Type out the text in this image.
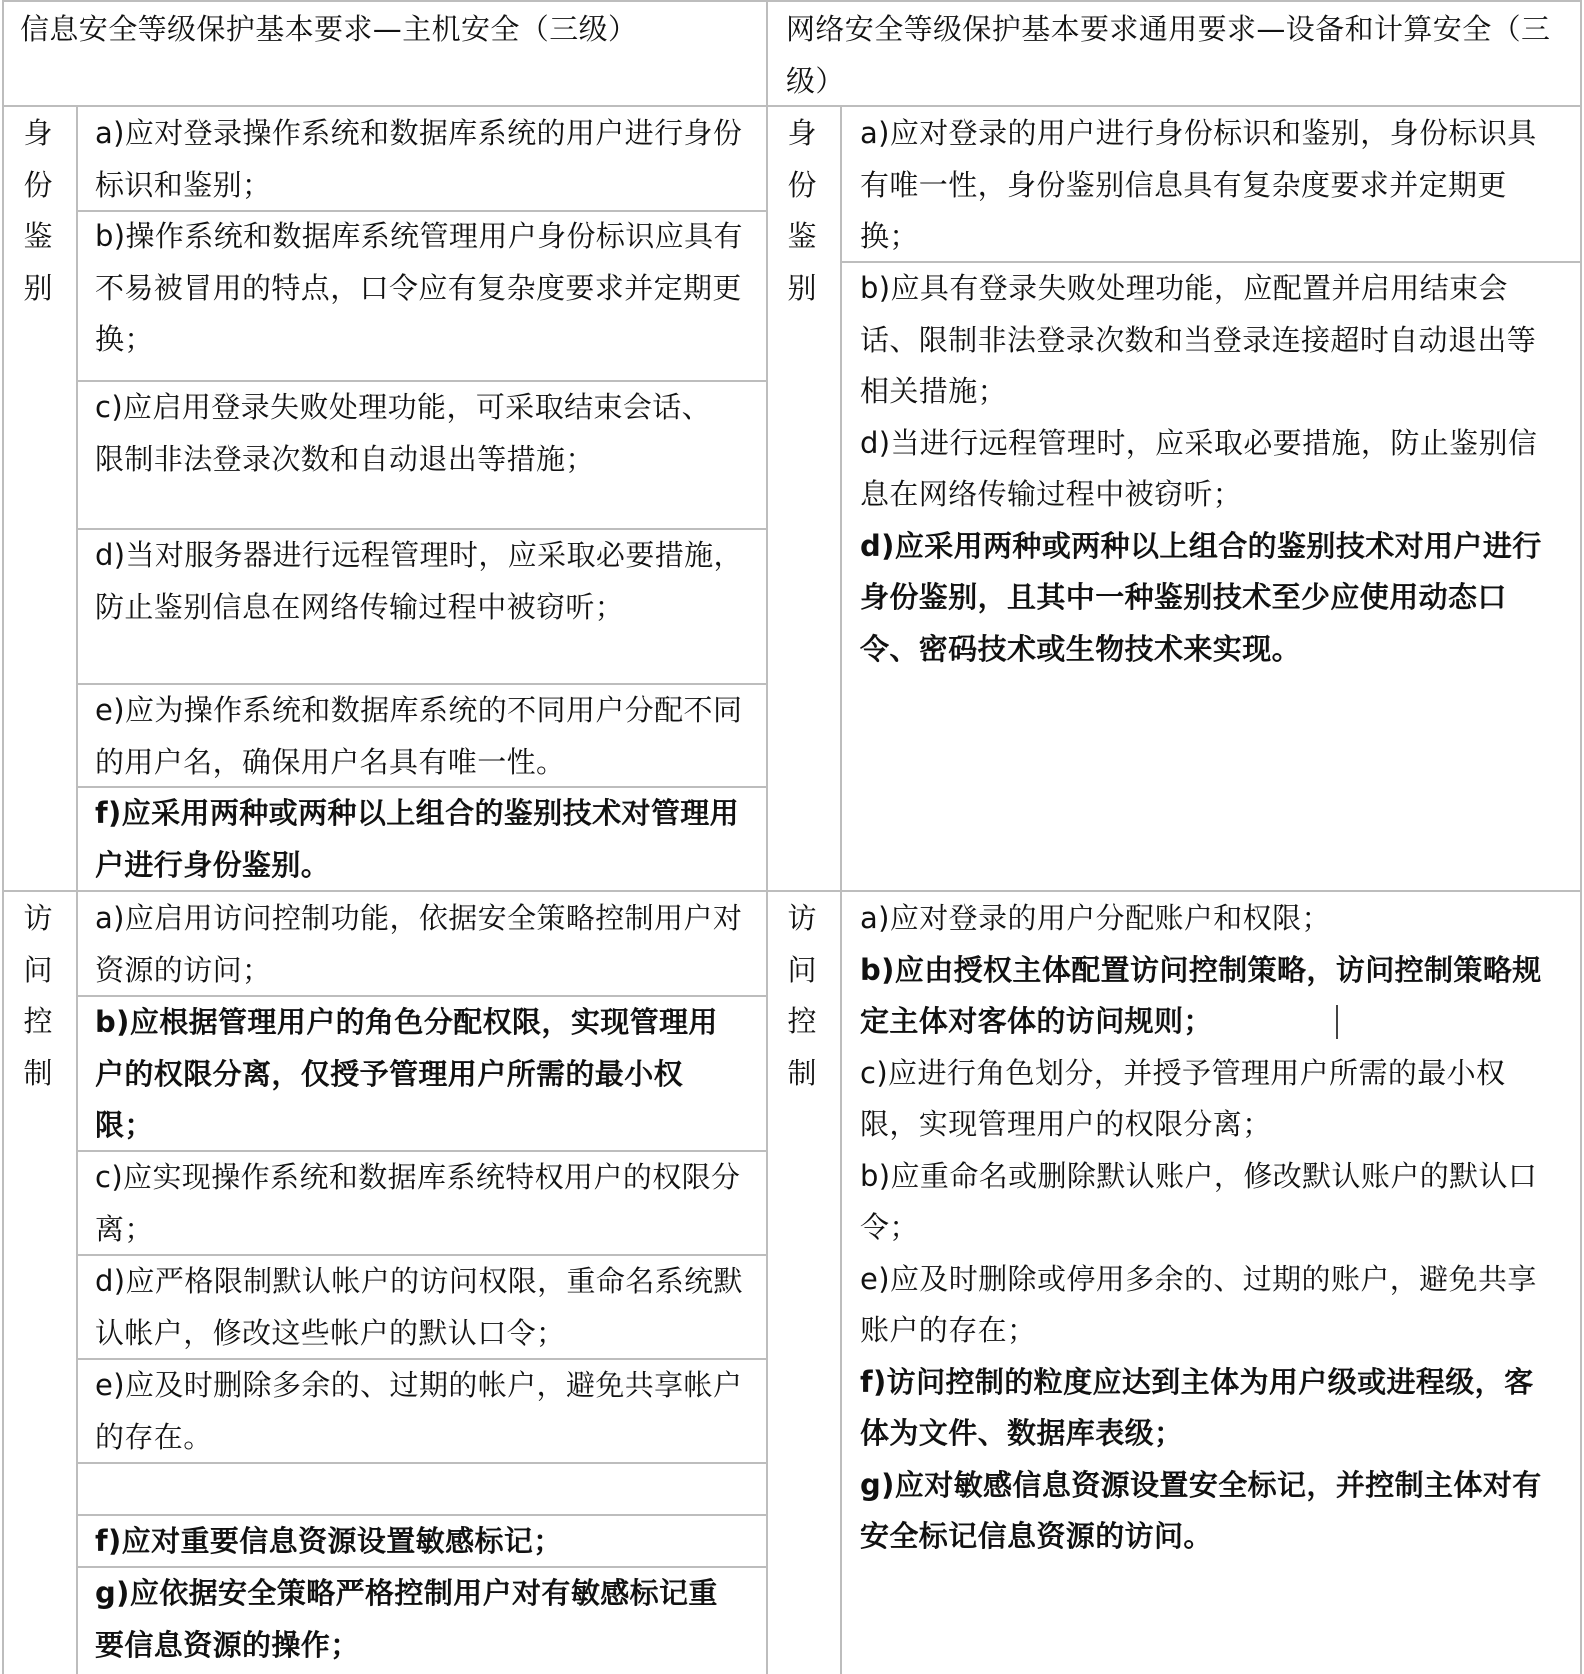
信息安全等级保护基本要求—主机安全（三级）	网络安全等级保护基本要求通用要求—设备和计算安全（三级）
身
份
鉴
别
身
份
鉴
别
a)应对登录操作系统和数据库系统的用户进行身份标识和鉴别；
b)操作系统和数据库系统管理用户身份标识应具有不易被冒用的特点，口令应有复杂度要求并定期更换；
c)应启用登录失败处理功能，可采取结束会话、限制非法登录次数和自动退出等措施；
d)当对服务器进行远程管理时，应采取必要措施，防止鉴别信息在网络传输过程中被窃听；
e)应为操作系统和数据库系统的不同用户分配不同的用户名，确保用户名具有唯一性。
f)应采用两种或两种以上组合的鉴别技术对管理用户进行身份鉴别。
a)应对登录的用户进行身份标识和鉴别，身份标识具有唯一性，身份鉴别信息具有复杂度要求并定期更换；

b)应具有登录失败处理功能，应配置并启用结束会话、限制非法登录次数和当登录连接超时自动退出等相关措施；

d)当进行远程管理时，应采取必要措施，防止鉴别信息在网络传输过程中被窃听；

d)应采用两种或两种以上组合的鉴别技术对用户进行身份鉴别，且其中一种鉴别技术至少应使用动态口令、密码技术或生物技术来实现。

访
问
控
制
访
问
控
制
a)应启用访问控制功能，依据安全策略控制用户对资源的访问；
b)应根据管理用户的角色分配权限，实现管理用户的权限分离，仅授予管理用户所需的最小权限；
c)应实现操作系统和数据库系统特权用户的权限分离；
d)应严格限制默认帐户的访问权限，重命名系统默认帐户，修改这些帐户的默认口令；
e)应及时删除多余的、过期的帐户，避免共享帐户的存在。
f)应对重要信息资源设置敏感标记；
g)应依据安全策略严格控制用户对有敏感标记重要信息资源的操作；

a)应对登录的用户分配账户和权限；

b)应由授权主体配置访问控制策略，访问控制策略规定主体对客体的访问规则；

c)应进行角色划分，并授予管理用户所需的最小权限，实现管理用户的权限分离；

b)应重命名或删除默认账户，修改默认账户的默认口令；

e)应及时删除或停用多余的、过期的账户，避免共享账户的存在；

f)访问控制的粒度应达到主体为用户级或进程级，客体为文件、数据库表级；

g)应对敏感信息资源设置安全标记，并控制主体对有安全标记信息资源的访问。
